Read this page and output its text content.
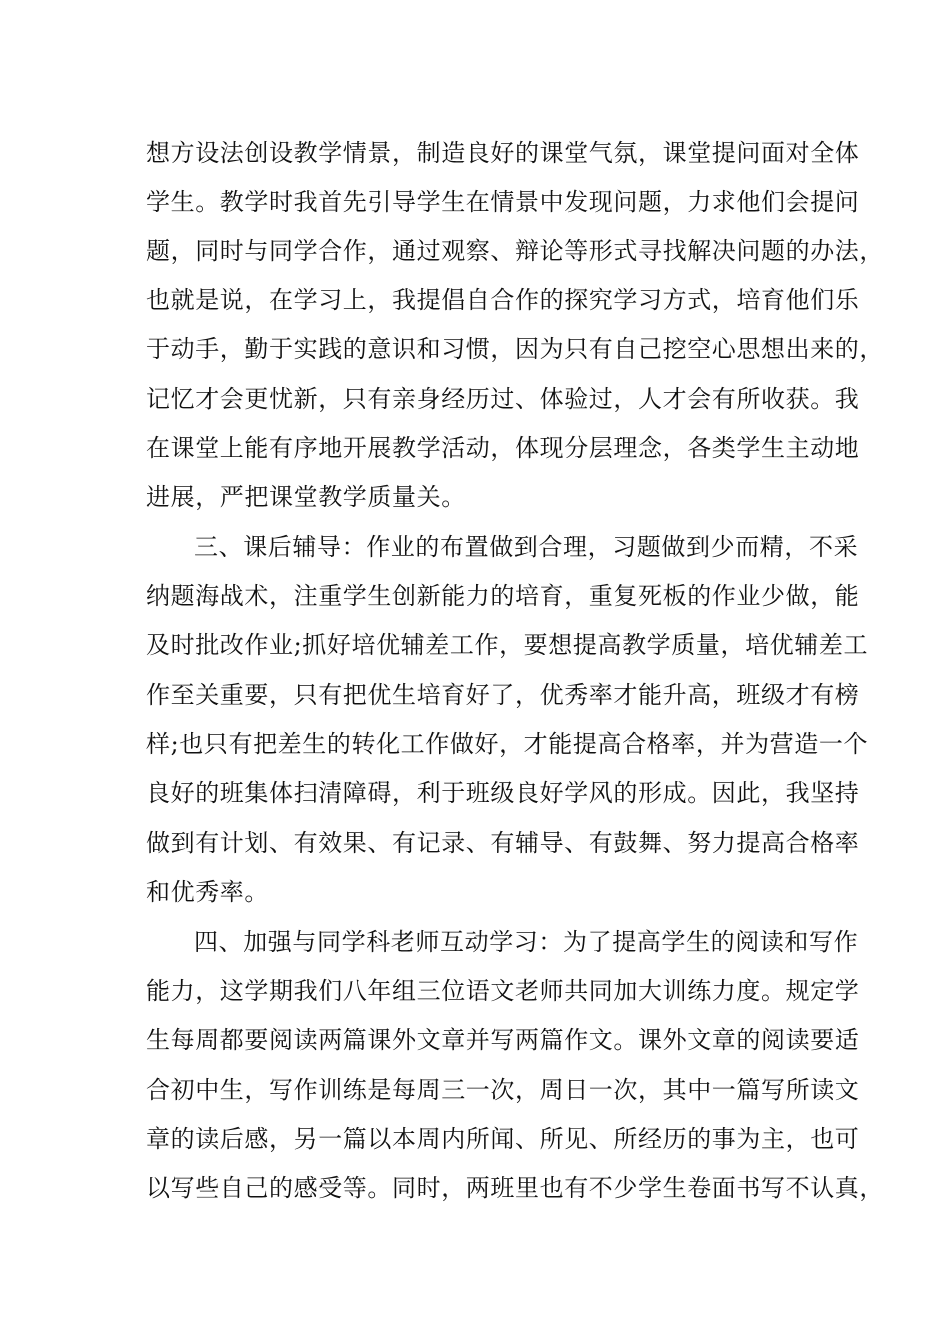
想方设法创设教学情景，制造良好的课堂气氛，课堂提问面对全体
学生。教学时我首先引导学生在情景中发现问题，力求他们会提问
题，同时与同学合作，通过观察、辩论等形式寻找解决问题的办法，
也就是说，在学习上，我提倡自合作的探究学习方式，培育他们乐
于动手，勤于实践的意识和习惯，因为只有自己挖空心思想出来的，
记忆才会更忧新，只有亲身经历过、体验过，人才会有所收获。我
在课堂上能有序地开展教学活动，体现分层理念，各类学生主动地
进展，严把课堂教学质量关。
三、课后辅导：作业的布置做到合理，习题做到少而精，不采
纳题海战术，注重学生创新能力的培育，重复死板的作业少做，能
及时批改作业;抓好培优辅差工作，要想提高教学质量，培优辅差工
作至关重要，只有把优生培育好了，优秀率才能升高，班级才有榜
样;也只有把差生的转化工作做好，才能提高合格率，并为营造一个
良好的班集体扫清障碍，利于班级良好学风的形成。因此，我坚持
做到有计划、有效果、有记录、有辅导、有鼓舞、努力提高合格率
和优秀率。
四、加强与同学科老师互动学习：为了提高学生的阅读和写作
能力，这学期我们八年组三位语文老师共同加大训练力度。规定学
生每周都要阅读两篇课外文章并写两篇作文。课外文章的阅读要适
合初中生，写作训练是每周三一次，周日一次，其中一篇写所读文
章的读后感，另一篇以本周内所闻、所见、所经历的事为主，也可
以写些自己的感受等。同时，两班里也有不少学生卷面书写不认真，
